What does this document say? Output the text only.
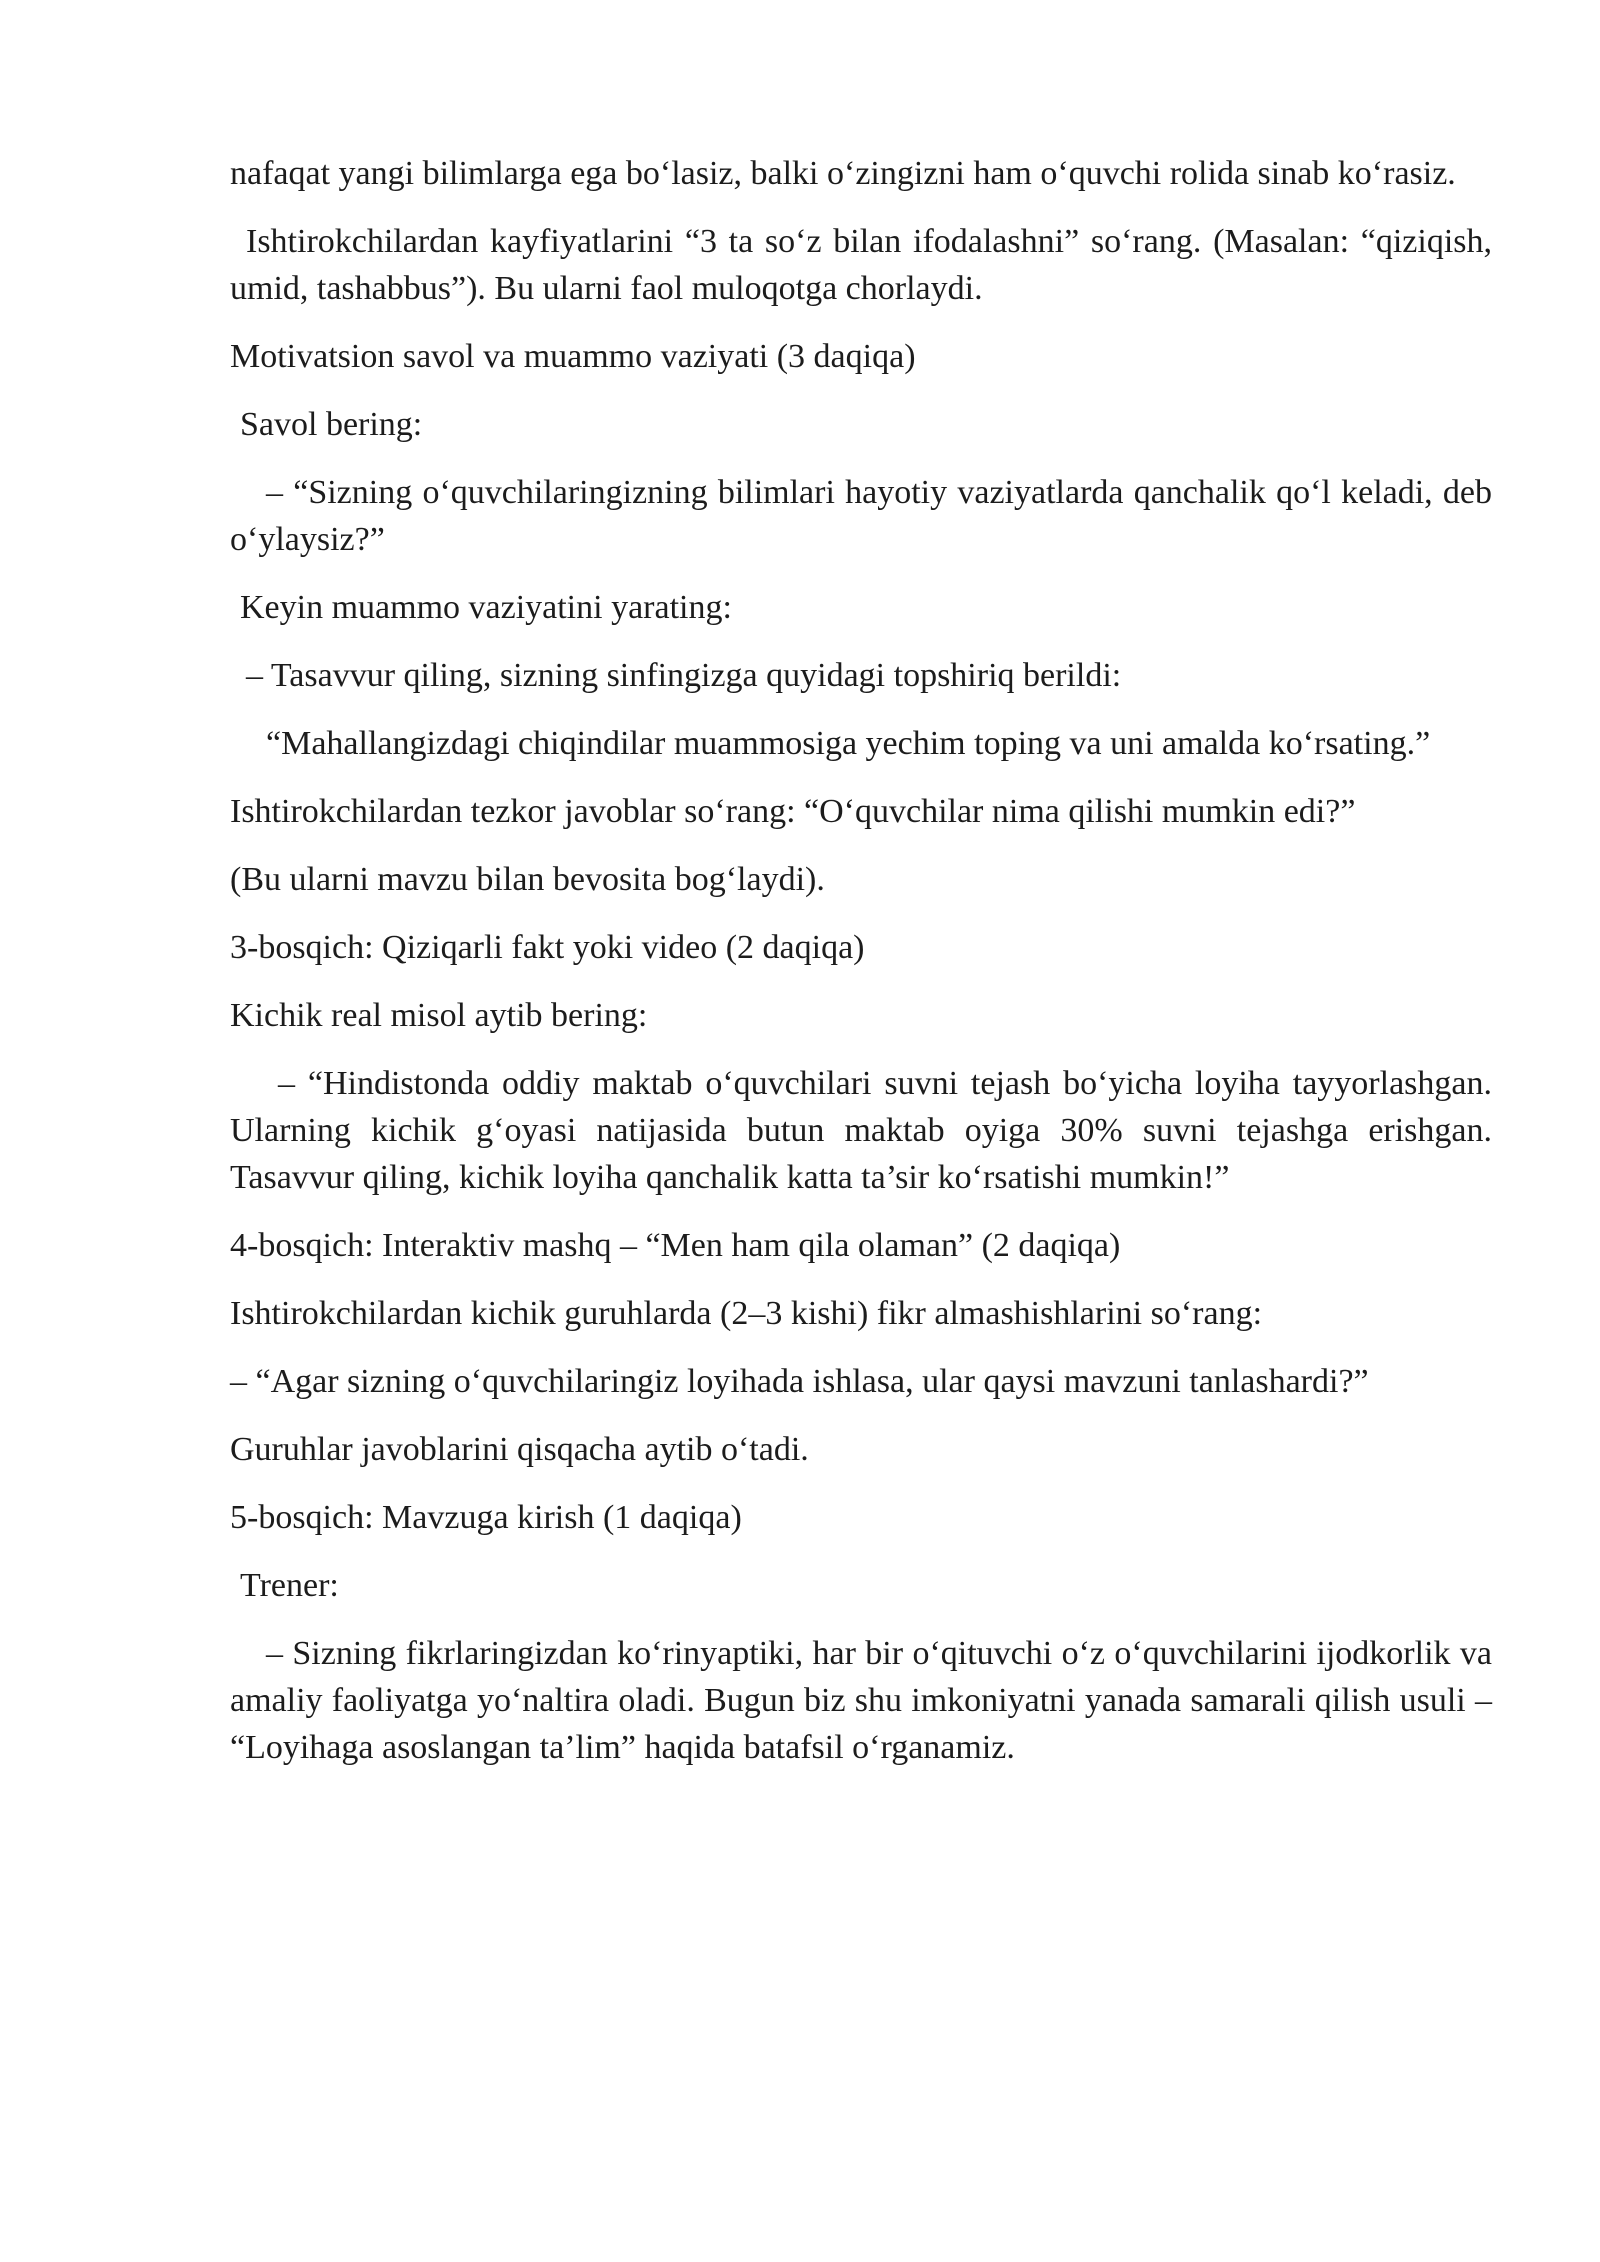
nafaqat yangi bilimlarga ega bo‘lasiz, balki o‘zingizni ham o‘quvchi rolida sinab ko‘rasiz.

Ishtirokchilardan kayfiyatlarini “3 ta so‘z bilan ifodalashni” so‘rang. (Masalan: “qiziqish, umid, tashabbus”). Bu ularni faol muloqotga chorlaydi.

Motivatsion savol va muammo vaziyati (3 daqiqa)

Savol bering:

– “Sizning o‘quvchilaringizning bilimlari hayotiy vaziyatlarda qanchalik qo‘l keladi, deb o‘ylaysiz?”

Keyin muammo vaziyatini yarating:

– Tasavvur qiling, sizning sinfingizga quyidagi topshiriq berildi:

“Mahallangizdagi chiqindilar muammosiga yechim toping va uni amalda ko‘rsating.”

Ishtirokchilardan tezkor javoblar so‘rang: “O‘quvchilar nima qilishi mumkin edi?”

(Bu ularni mavzu bilan bevosita bog‘laydi).

3-bosqich: Qiziqarli fakt yoki video (2 daqiqa)

Kichik real misol aytib bering:

– “Hindistonda oddiy maktab o‘quvchilari suvni tejash bo‘yicha loyiha tayyorlashgan. Ularning kichik g‘oyasi natijasida butun maktab oyiga 30% suvni tejashga erishgan. Tasavvur qiling, kichik loyiha qanchalik katta ta’sir ko‘rsatishi mumkin!”

4-bosqich: Interaktiv mashq – “Men ham qila olaman” (2 daqiqa)

Ishtirokchilardan kichik guruhlarda (2–3 kishi) fikr almashishlarini so‘rang:

– “Agar sizning o‘quvchilaringiz loyihada ishlasa, ular qaysi mavzuni tanlashardi?”

Guruhlar javoblarini qisqacha aytib o‘tadi.

5-bosqich: Mavzuga kirish (1 daqiqa)

Trener:

– Sizning fikrlaringizdan ko‘rinyaptiki, har bir o‘qituvchi o‘z o‘quvchilarini ijodkorlik va amaliy faoliyatga yo‘naltira oladi. Bugun biz shu imkoniyatni yanada samarali qilish usuli – “Loyihaga asoslangan ta’lim” haqida batafsil o‘rganamiz.
